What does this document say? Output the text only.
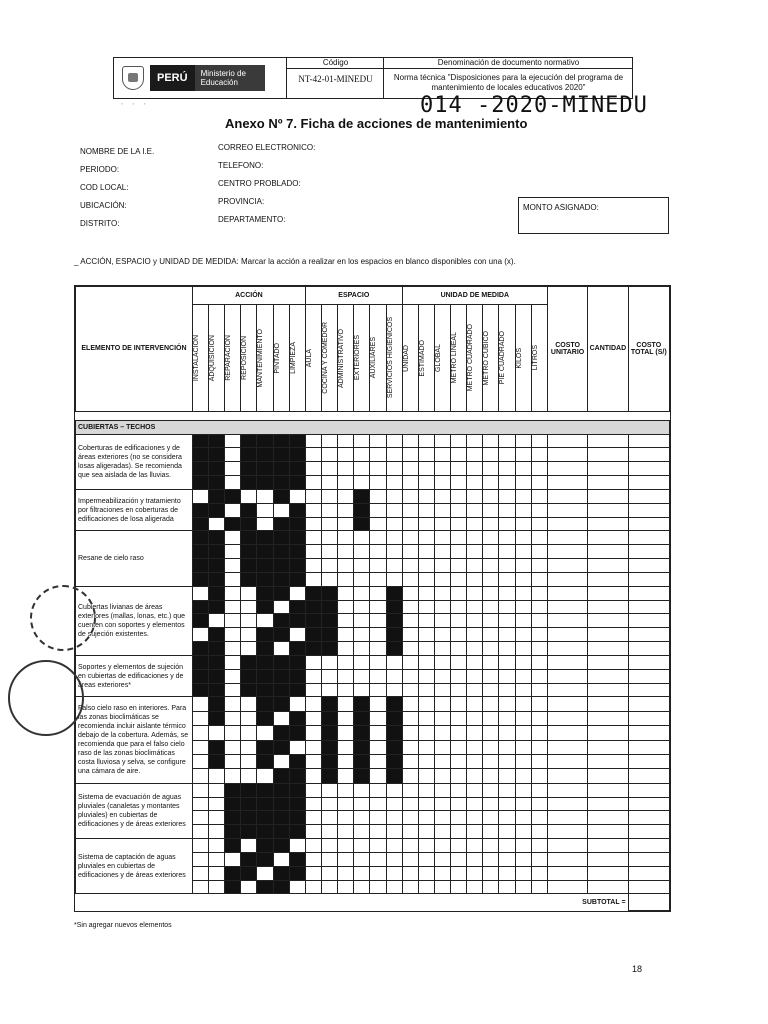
PERÚ	Ministerio de Educación
Código
NT-42-01-MINEDU
Denominación de documento normativo
Norma técnica "Disposiciones para la ejecución del programa de mantenimiento de locales educativos 2020"
· · ·	014 -2020-MINEDU
Anexo Nº 7. Ficha de acciones de mantenimiento
NOMBRE DE LA I.E.
PERIODO:
COD LOCAL:
UBICACIÓN:
DISTRITO:
CORREO ELECTRONICO:
TELEFONO:
CENTRO PROBLADO:
PROVINCIA:
DEPARTAMENTO:
MONTO ASIGNADO:
_ ACCIÓN, ESPACIO y UNIDAD DE MEDIDA: Marcar la acción a realizar en los espacios en blanco disponibles con una (x).
ELEMENTO DE INTERVENCIÓN	ACCIÓN							ESPACIO						UNIDAD DE MEDIDA									COSTO UNITARIO	CANTIDAD	COSTO TOTAL (S/)

	INSTALACION	ADQUISICION	REPARACION	REPOSICION	MANTENIMIENTO	PINTADO	LIMPIEZA	AULA	COCINA Y COMEDOR	ADMINISTRATIVO	EXTERIORES	AUXILIARES	SERVICIOS HIGIENICOS	UNIDAD	ESTIMADO	GLOBAL	METRO LINEAL	METRO CUADRADO	METRO CUBICO	PIE CUADRADO	KILOS	LITROS			

CUBIERTAS – TECHOS																									
Coberturas de edificaciones y de áreas exteriores (no se considera losas aligeradas). Se recomienda que sea aislada de las lluvias.																									

Impermeabilización y tratamiento por filtraciones en coberturas de edificaciones de losa aligerada																									

Resane de cielo raso																									

Cubiertas livianas de áreas exteriores (mallas, lonas, etc.) que cuenten con soportes y elementos de sujeción existentes.																									

Soportes y elementos de sujeción en cubiertas de edificaciones y de áreas exteriores*																									

Falso cielo raso en interiores. Para las zonas bioclimáticas se recomienda incluir aislante térmico debajo de la cobertura. Además, se recomienda que para el falso cielo raso de las zonas bioclimáticas costa lluviosa y selva, se configure una cámara de aire.																									

Sistema de evacuación de aguas pluviales (canaletas y montantes pluviales) en cubiertas de edificaciones y de áreas exteriores																									

Sistema de captación de aguas pluviales en cubiertas de edificaciones y de áreas exteriores																									

SUBTOTAL =																									
*Sin agregar nuevos elementos
18
